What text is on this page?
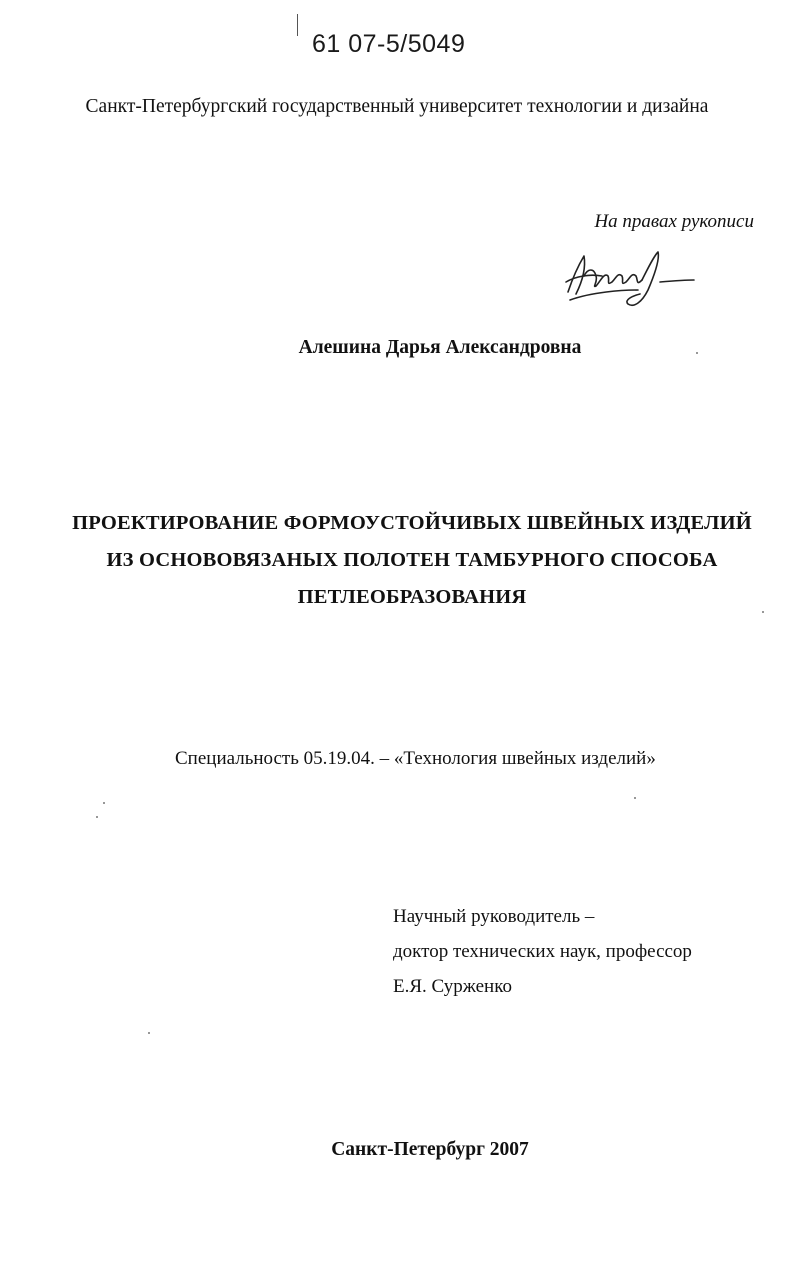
61 07-5/5049
Санкт-Петербургский государственный университет технологии и дизайна
На правах рукописи
Алешина Дарья Александровна
ПРОЕКТИРОВАНИЕ ФОРМОУСТОЙЧИВЫХ ШВЕЙНЫХ ИЗДЕЛИЙ
ИЗ ОСНОВОВЯЗАНЫХ ПОЛОТЕН ТАМБУРНОГО СПОСОБА
ПЕТЛЕОБРАЗОВАНИЯ
Специальность 05.19.04. – «Технология швейных изделий»
Научный руководитель –
доктор технических наук, профессор
Е.Я. Сурженко
Санкт-Петербург 2007
